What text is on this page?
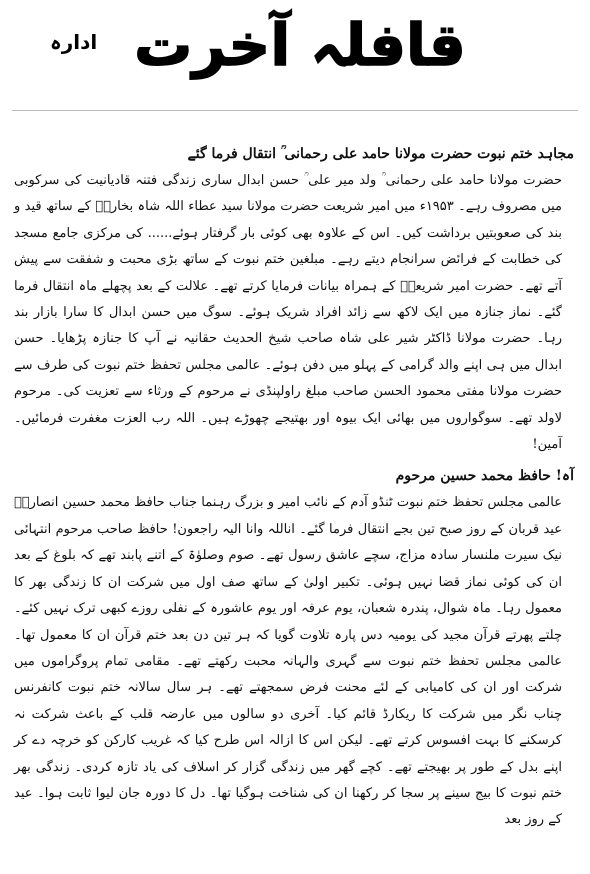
قافلہ آخرت
ادارہ
مجاہد ختم نبوت حضرت مولانا حامد علی رحمانی ؒ انتقال فرما گئے

حضرت مولانا حامد علی رحمانی ؒ ولد میر علی ؒ حسن ابدال ساری زندگی فتنہ قادیانیت کی سرکوبی میں مصروف رہے۔ ۱۹۵۳ء میں امیر شریعت حضرت مولانا سید عطاء اللہ شاہ بخاریؒ کے ساتھ قید و بند کی صعوبتیں برداشت کیں۔ اس کے علاوہ بھی کوئی بار گرفتار ہوئے...... کی مرکزی جامع مسجد کی خطابت کے فرائض سرانجام دیتے رہے۔ مبلغین ختم نبوت کے ساتھ بڑی محبت و شفقت سے پیش آتے تھے۔ حضرت امیر شریعتؒ کے ہمراہ بیانات فرمایا کرتے تھے۔ علالت کے بعد پچھلے ماہ انتقال فرما گئے۔ نماز جنازہ میں ایک لاکھ سے زائد افراد شریک ہوئے۔ سوگ میں حسن ابدال کا سارا بازار بند رہا۔ حضرت مولانا ڈاکٹر شیر علی شاہ صاحب شیخ الحدیث حقانیہ نے آپ کا جنازہ پڑھایا۔ حسن ابدال میں ہی اپنے والد گرامی کے پہلو میں دفن ہوئے۔ عالمی مجلس تحفظ ختم نبوت کی طرف سے حضرت مولانا مفتی محمود الحسن صاحب مبلغ راولپنڈی نے مرحوم کے ورثاء سے تعزیت کی۔ مرحوم لاولد تھے۔ سوگواروں میں بھائی ایک بیوہ اور بھتیجے چھوڑے ہیں۔ اللہ رب العزت مغفرت فرمائیں۔ آمین!

آہ! حافظ محمد حسین مرحوم

عالمی مجلس تحفظ ختم نبوت ٹنڈو آدم کے نائب امیر و بزرگ رہنما جناب حافظ محمد حسین انصاریؒ عید قربان کے روز صبح تین بجے انتقال فرما گئے۔ اناللہ وانا الیہ راجعون! حافظ صاحب مرحوم انتہائی نیک سیرت ملنسار سادہ مزاج، سچے عاشق رسول تھے۔ صوم وصلوٰۃ کے اتنے پابند تھے کہ بلوغ کے بعد ان کی کوئی نماز قضا نہیں ہوئی۔ تکبیر اولیٰ کے ساتھ صف اول میں شرکت ان کا زندگی بھر کا معمول رہا۔ ماہ شوال، پندرہ شعبان، یوم عرفہ اور یوم عاشورہ کے نفلی روزے کبھی ترک نہیں کئے۔ چلتے پھرتے قرآن مجید کی یومیہ دس پارہ تلاوت گویا کہ ہر تین دن بعد ختم قرآن ان کا معمول تھا۔ عالمی مجلس تحفظ ختم نبوت سے گہری والہانہ محبت رکھتے تھے۔ مقامی تمام پروگراموں میں شرکت اور ان کی کامیابی کے لئے محنت فرض سمجھتے تھے۔ ہر سال سالانہ ختم نبوت کانفرنس چناب نگر میں شرکت کا ریکارڈ قائم کیا۔ آخری دو سالوں میں عارضہ قلب کے باعث شرکت نہ کرسکنے کا بہت افسوس کرتے تھے۔ لیکن اس کا ازالہ اس طرح کیا کہ غریب کارکن کو خرچہ دے کر اپنے بدل کے طور پر بھیجتے تھے۔ کچے گھر میں زندگی گزار کر اسلاف کی یاد تازہ کردی۔ زندگی بھر ختم نبوت کا بیج سینے پر سجا کر رکھنا ان کی شناخت ہوگیا تھا۔ دل کا دورہ جان لیوا ثابت ہوا۔ عید کے روز بعد
